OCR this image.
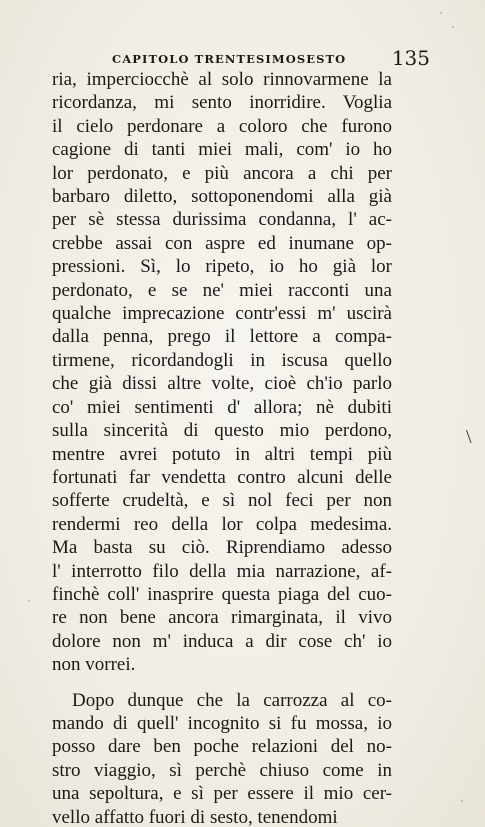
CAPITOLO TRENTESIMOSESTO 135
ria, imperciocchè al solo rinnovarmene la
ricordanza, mi sento inorridire. Voglia
il cielo perdonare a coloro che furono
cagione di tanti miei mali, com' io ho
lor perdonato, e più ancora a chi per
barbaro diletto, sottoponendomi alla già
per sè stessa durissima condanna, l' ac-
crebbe assai con aspre ed inumane op-
pressioni. Sì, lo ripeto, io ho già lor
perdonato, e se ne' miei racconti una
qualche imprecazione contr'essi m' uscirà
dalla penna, prego il lettore a compa-
tirmene, ricordandogli in iscusa quello
che già dissi altre volte, cioè ch'io parlo
co' miei sentimenti d' allora; nè dubiti
sulla sincerità di questo mio perdono,
mentre avrei potuto in altri tempi più
fortunati far vendetta contro alcuni delle
sofferte crudeltà, e sì nol feci per non
rendermi reo della lor colpa medesima.
Ma basta su ciò. Riprendiamo adesso
l' interrotto filo della mia narrazione, af-
finchè coll' inasprire questa piaga del cuo-
re non bene ancora rimarginata, il vivo
dolore non m' induca a dir cose ch' io
non vorrei.
Dopo dunque che la carrozza al co-
mando di quell' incognito si fu mossa, io
posso dare ben poche relazioni del no-
stro viaggio, sì perchè chiuso come in
una sepoltura, e sì per essere il mio cer-
vello affatto fuori di sesto, tenendomi
\
